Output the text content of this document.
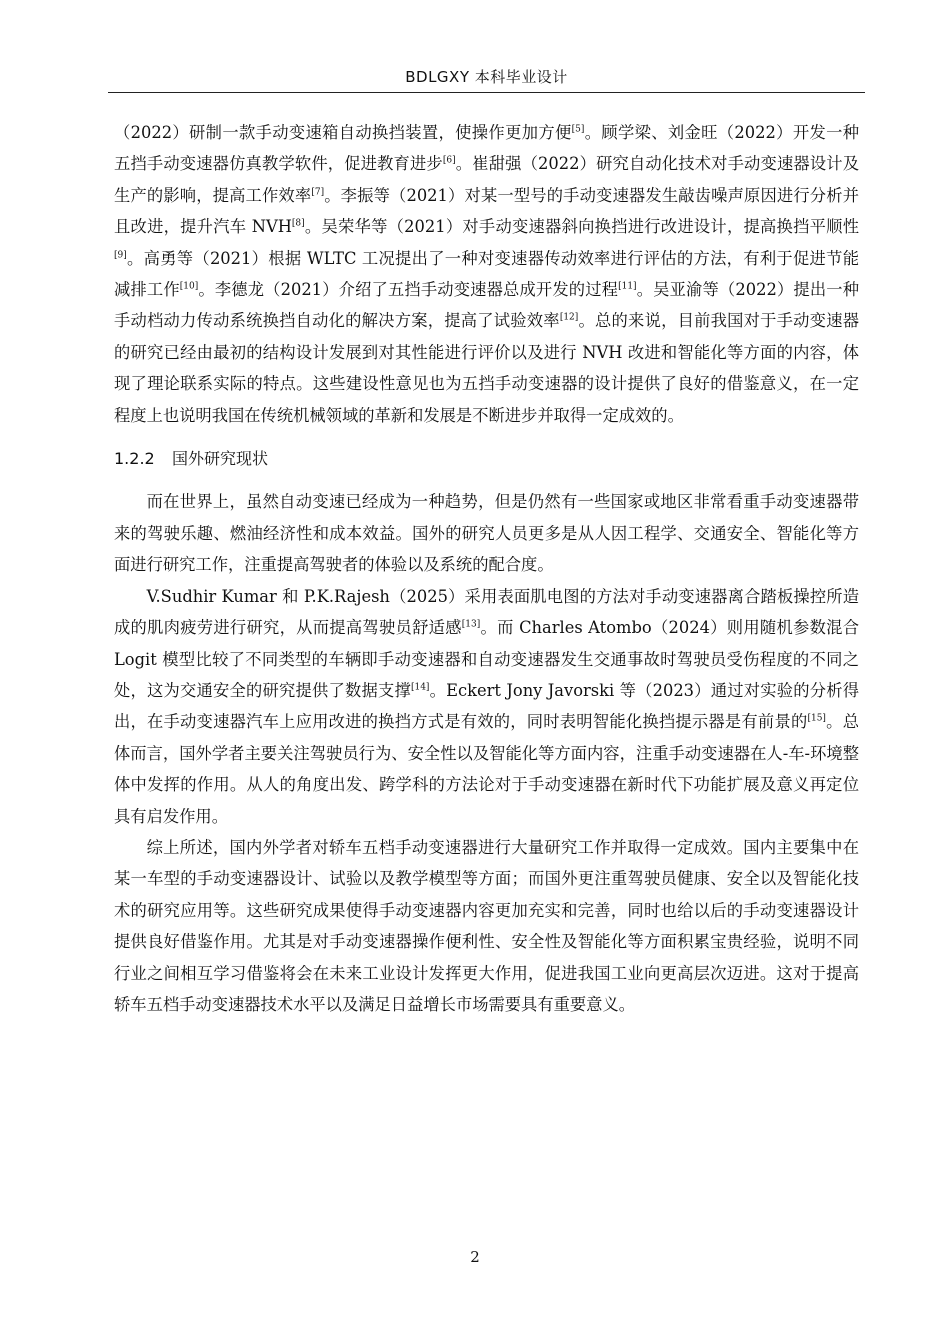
BDLGXY 本科毕业设计

（2022）研制一款手动变速箱自动换挡装置，使操作更加方便[5]。顾学梁、刘金旺（2022）开发一种五挡手动变速器仿真教学软件，促进教育进步[6]。崔甜强（2022）研究自动化技术对手动变速器设计及生产的影响，提高工作效率[7]。李振等（2021）对某一型号的手动变速器发生敲齿噪声原因进行分析并且改进，提升汽车 NVH[8]。吴荣华等（2021）对手动变速器斜向换挡进行改进设计，提高换挡平顺性[9]。高勇等（2021）根据 WLTC 工况提出了一种对变速器传动效率进行评估的方法，有利于促进节能减排工作[10]。李德龙（2021）介绍了五挡手动变速器总成开发的过程[11]。吴亚渝等（2022）提出一种手动档动力传动系统换挡自动化的解决方案，提高了试验效率[12]。总的来说，目前我国对于手动变速器的研究已经由最初的结构设计发展到对其性能进行评价以及进行 NVH 改进和智能化等方面的内容，体现了理论联系实际的特点。这些建设性意见也为五挡手动变速器的设计提供了良好的借鉴意义，在一定程度上也说明我国在传统机械领域的革新和发展是不断进步并取得一定成效的。

1.2.2 国外研究现状

而在世界上，虽然自动变速已经成为一种趋势，但是仍然有一些国家或地区非常看重手动变速器带来的驾驶乐趣、燃油经济性和成本效益。国外的研究人员更多是从人因工程学、交通安全、智能化等方面进行研究工作，注重提高驾驶者的体验以及系统的配合度。

V.Sudhir Kumar 和 P.K.Rajesh（2025）采用表面肌电图的方法对手动变速器离合踏板操控所造成的肌肉疲劳进行研究，从而提高驾驶员舒适感[13]。而 Charles Atombo（2024）则用随机参数混合 Logit 模型比较了不同类型的车辆即手动变速器和自动变速器发生交通事故时驾驶员受伤程度的不同之处，这为交通安全的研究提供了数据支撑[14]。Eckert Jony Javorski 等（2023）通过对实验的分析得出，在手动变速器汽车上应用改进的换挡方式是有效的，同时表明智能化换挡提示器是有前景的[15]。总体而言，国外学者主要关注驾驶员行为、安全性以及智能化等方面内容，注重手动变速器在人-车-环境整体中发挥的作用。从人的角度出发、跨学科的方法论对于手动变速器在新时代下功能扩展及意义再定位具有启发作用。

综上所述，国内外学者对轿车五档手动变速器进行大量研究工作并取得一定成效。国内主要集中在某一车型的手动变速器设计、试验以及教学模型等方面；而国外更注重驾驶员健康、安全以及智能化技术的研究应用等。这些研究成果使得手动变速器内容更加充实和完善，同时也给以后的手动变速器设计提供良好借鉴作用。尤其是对手动变速器操作便利性、安全性及智能化等方面积累宝贵经验，说明不同行业之间相互学习借鉴将会在未来工业设计发挥更大作用，促进我国工业向更高层次迈进。这对于提高轿车五档手动变速器技术水平以及满足日益增长市场需要具有重要意义。

2
